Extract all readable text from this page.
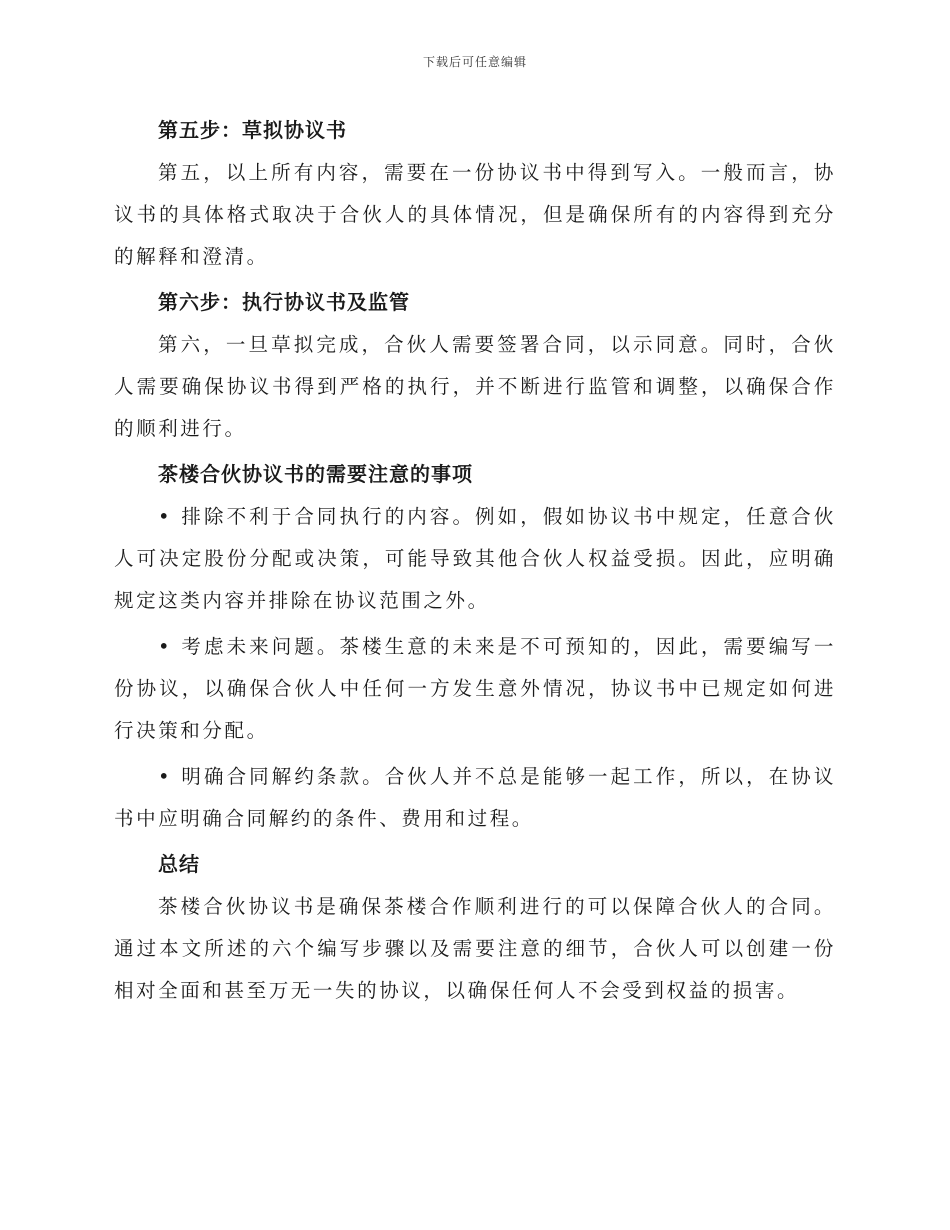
下载后可任意编辑
第五步：草拟协议书

第五，以上所有内容，需要在一份协议书中得到写入。一般而言，协议书的具体格式取决于合伙人的具体情况，但是确保所有的内容得到充分的解释和澄清。

第六步：执行协议书及监管

第六，一旦草拟完成，合伙人需要签署合同，以示同意。同时，合伙人需要确保协议书得到严格的执行，并不断进行监管和调整，以确保合作的顺利进行。

茶楼合伙协议书的需要注意的事项

• 排除不利于合同执行的内容。例如，假如协议书中规定，任意合伙人可决定股份分配或决策，可能导致其他合伙人权益受损。因此，应明确规定这类内容并排除在协议范围之外。

• 考虑未来问题。茶楼生意的未来是不可预知的，因此，需要编写一份协议，以确保合伙人中任何一方发生意外情况，协议书中已规定如何进行决策和分配。

• 明确合同解约条款。合伙人并不总是能够一起工作，所以，在协议书中应明确合同解约的条件、费用和过程。

总结

茶楼合伙协议书是确保茶楼合作顺利进行的可以保障合伙人的合同。通过本文所述的六个编写步骤以及需要注意的细节，合伙人可以创建一份相对全面和甚至万无一失的协议，以确保任何人不会受到权益的损害。
